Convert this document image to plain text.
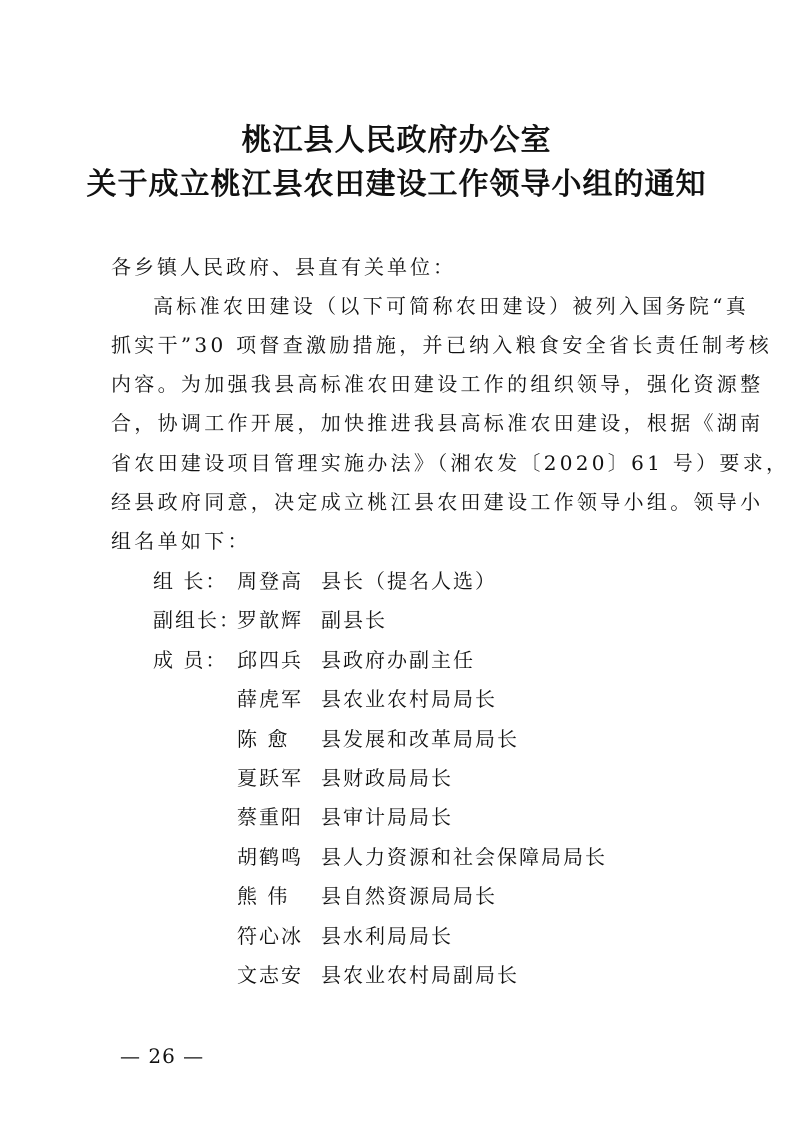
桃江县人民政府办公室
关于成立桃江县农田建设工作领导小组的通知
各乡镇人民政府、县直有关单位：
高标准农田建设（以下可简称农田建设）被列入国务院“真
抓实干”30 项督查激励措施，并已纳入粮食安全省长责任制考核
内容。为加强我县高标准农田建设工作的组织领导，强化资源整
合，协调工作开展，加快推进我县高标准农田建设，根据《湖南
省农田建设项目管理实施办法》（湘农发〔2020〕61 号）要求，
经县政府同意，决定成立桃江县农田建设工作领导小组。领导小
组名单如下：
组 长： 周登高 县长（提名人选）
副组长：
罗歆辉 副县长
成 员： 邱四兵 县政府办副主任
薛虎军 县农业农村局局长
陈 愈	县发展和改革局局长
夏跃军 县财政局局长
蔡重阳 县审计局局长
胡鹤鸣 县人力资源和社会保障局局长
熊 伟	县自然资源局局长
符心冰 县水利局局长
文志安 县农业农村局副局长
— 26 —
